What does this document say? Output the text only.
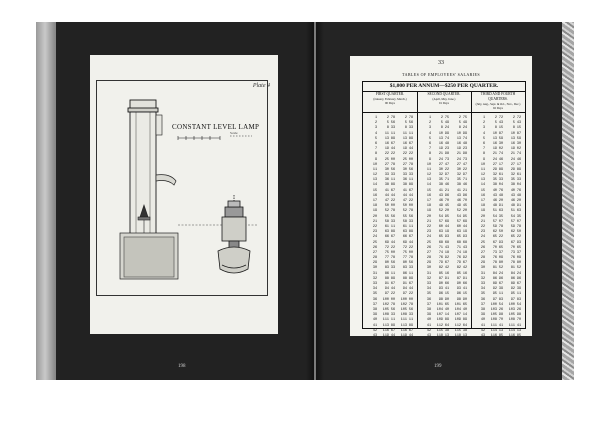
Plate 4
CONSTANT LEVEL LAMP
Scale
33
TABLES OF EMPLOYEES' SALARIES
$1,000 PER ANNUM—$250 PER QUARTER.
FIRST QUARTER.
(January, February, March.)
90 Days
SECOND QUARTER.
(April, May, June.)
91 Days
THIRD AND FOURTH QUARTERS.
(July, Aug., Sept. & Oct., Nov., Dec.)
92 Days
1
2
3
4
5
6
7
8
9
10
11
12
13
14
15
16
17
18
19
20
21
22
23
24
25
26
27
28
29
30
31
32
33
34
35
36
37
38
39
40
41
42
43
2 78
5 56
8 33
11 11
13 89
16 67
19 44
22 22
25 00
27 78
30 56
33 33
36 11
38 89
41 67
44 44
47 22
50 00
52 78
55 56
58 33
61 11
63 89
66 67
69 44
72 22
75 00
77 78
80 56
83 33
86 11
88 89
91 67
94 44
97 22
100 00
102 78
105 56
108 33
111 11
113 89
116 67
119 44
2 78
5 56
8 33
11 11
13 89
16 67
19 44
22 22
25 00
27 78
30 56
33 33
36 11
38 89
41 67
44 44
47 22
50 00
52 78
55 56
58 33
61 11
63 89
66 67
69 44
72 22
75 00
77 78
80 56
83 33
86 11
88 89
91 67
94 44
97 22
100 00
102 78
105 56
108 33
111 11
113 89
116 67
119 44
1
2
3
4
5
6
7
8
9
10
11
12
13
14
15
16
17
18
19
20
21
22
23
24
25
26
27
28
29
30
31
32
33
34
35
36
37
38
39
40
41
42
43
2 75
5 49
8 24
10 99
13 74
16 48
19 23
21 98
24 73
27 47
30 22
32 97
35 71
38 46
41 21
43 96
46 70
49 45
52 20
54 95
57 69
60 44
63 19
65 93
68 68
71 43
74 18
76 92
79 67
82 42
85 16
87 91
90 66
93 41
96 15
98 90
101 65
104 40
107 14
109 89
112 64
115 38
118 13
2 75
5 49
8 24
10 99
13 74
16 48
19 23
21 98
24 73
27 47
30 22
32 97
35 71
38 46
41 21
43 96
46 70
49 45
52 20
54 95
57 69
60 44
63 19
65 93
68 68
71 43
74 18
76 92
79 67
82 42
85 16
87 91
90 66
93 41
96 15
98 90
101 65
104 40
107 14
109 89
112 64
115 38
118 13
1
2
3
4
5
6
7
8
9
10
11
12
13
14
15
16
17
18
19
20
21
22
23
24
25
26
27
28
29
30
31
32
33
34
35
36
37
38
39
40
41
42
43
2 72
5 43
8 15
10 87
13 59
16 30
19 02
21 74
24 46
27 17
29 89
32 61
35 33
38 04
40 76
43 48
46 20
48 91
51 63
54 35
57 07
59 78
62 50
65 22
67 93
70 65
73 37
76 09
78 80
81 52
84 24
86 96
89 67
92 39
95 11
97 83
100 54
103 26
105 98
108 70
111 41
114 13
116 85
2 72
5 43
8 15
10 87
13 59
16 30
19 02
21 74
24 46
27 17
29 89
32 61
35 33
38 04
40 76
43 48
46 20
48 91
51 63
54 35
57 07
59 78
62 50
65 22
67 93
70 65
73 37
76 09
78 80
81 52
84 24
86 96
89 67
92 39
95 11
97 83
100 54
103 26
105 98
108 70
111 41
114 13
116 85
198	199
